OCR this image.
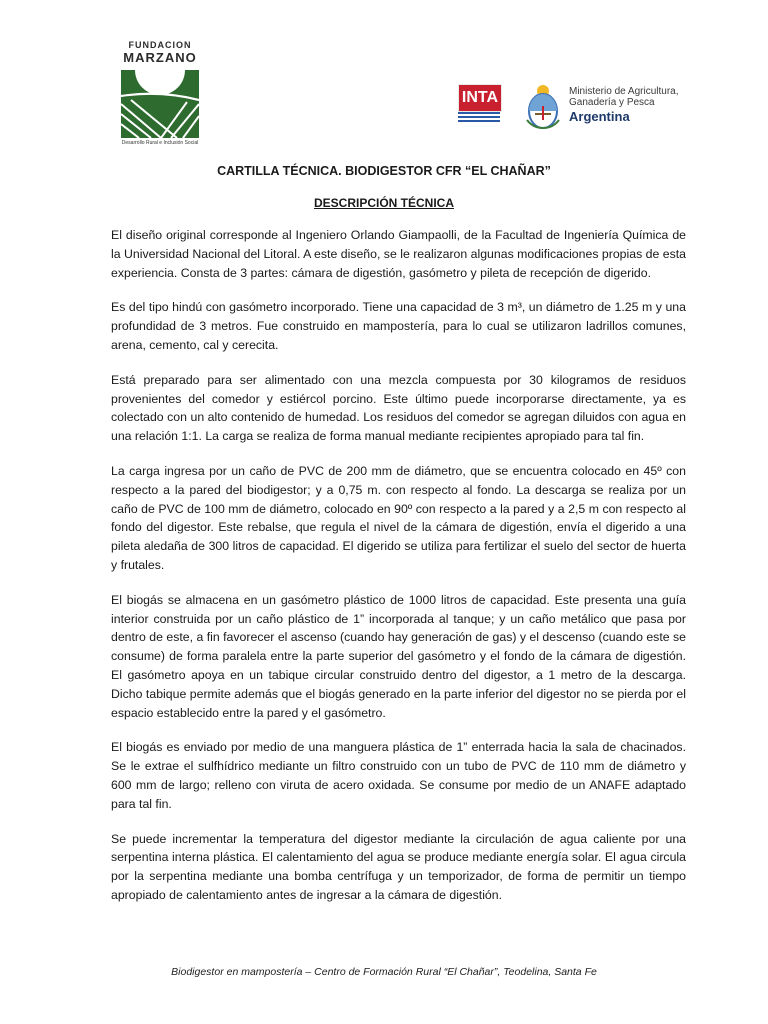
FUNDACION
MARZANO
Desarrollo Rural e Inclusión Social
INTA	Ministerio de Agricultura,
Ganadería y Pesca
Argentina
CARTILLA TÉCNICA. BIODIGESTOR CFR “EL CHAÑAR”
DESCRIPCIÓN TÉCNICA

El diseño original corresponde al Ingeniero Orlando Giampaolli, de la Facultad de Ingeniería Química de la Universidad Nacional del Litoral. A este diseño, se le realizaron algunas modificaciones propias de esta experiencia. Consta de 3 partes: cámara de digestión, gasómetro y pileta de recepción de digerido.

Es del tipo hindú con gasómetro incorporado. Tiene una capacidad de 3 m³, un diámetro de 1.25 m y una profundidad de 3 metros. Fue construido en mampostería, para lo cual se utilizaron ladrillos comunes, arena, cemento, cal y cerecita.

Está preparado para ser alimentado con una mezcla compuesta por 30 kilogramos de residuos provenientes del comedor y estiércol porcino. Este último puede incorporarse directamente, ya es colectado con un alto contenido de humedad. Los residuos del comedor se agregan diluidos con agua en una relación 1:1. La carga se realiza de forma manual mediante recipientes apropiado para tal fin.

La carga ingresa por un caño de PVC de 200 mm de diámetro, que se encuentra colocado en 45º con respecto a la pared del biodigestor; y a 0,75 m. con respecto al fondo. La descarga se realiza por un caño de PVC de 100 mm de diámetro, colocado en 90º con respecto a la pared y a 2,5 m con respecto al fondo del digestor. Este rebalse, que regula el nivel de la cámara de digestión, envía el digerido a una pileta aledaña de 300 litros de capacidad. El digerido se utiliza para fertilizar el suelo del sector de huerta y frutales.

El biogás se almacena en un gasómetro plástico de 1000 litros de capacidad. Este presenta una guía interior construida por un caño plástico de 1” incorporada al tanque; y un caño metálico que pasa por dentro de este, a fin favorecer el ascenso (cuando hay generación de gas) y el descenso (cuando este se consume) de forma paralela entre la parte superior del gasómetro y el fondo de la cámara de digestión. El gasómetro apoya en un tabique circular construido dentro del digestor, a 1 metro de la descarga. Dicho tabique permite además que el biogás generado en la parte inferior del digestor no se pierda por el espacio establecido entre la pared y el gasómetro.

El biogás es enviado por medio de una manguera plástica de 1” enterrada hacia la sala de chacinados. Se le extrae el sulfhídrico mediante un filtro construido con un tubo de PVC de 110 mm de diámetro y 600 mm de largo; relleno con viruta de acero oxidada. Se consume por medio de un ANAFE adaptado para tal fin.

Se puede incrementar la temperatura del digestor mediante la circulación de agua caliente por una serpentina interna plástica. El calentamiento del agua se produce mediante energía solar. El agua circula por la serpentina mediante una bomba centrífuga y un temporizador, de forma de permitir un tiempo apropiado de calentamiento antes de ingresar a la cámara de digestión.

Biodigestor en mampostería – Centro de Formación Rural “El Chañar”, Teodelina, Santa Fe
